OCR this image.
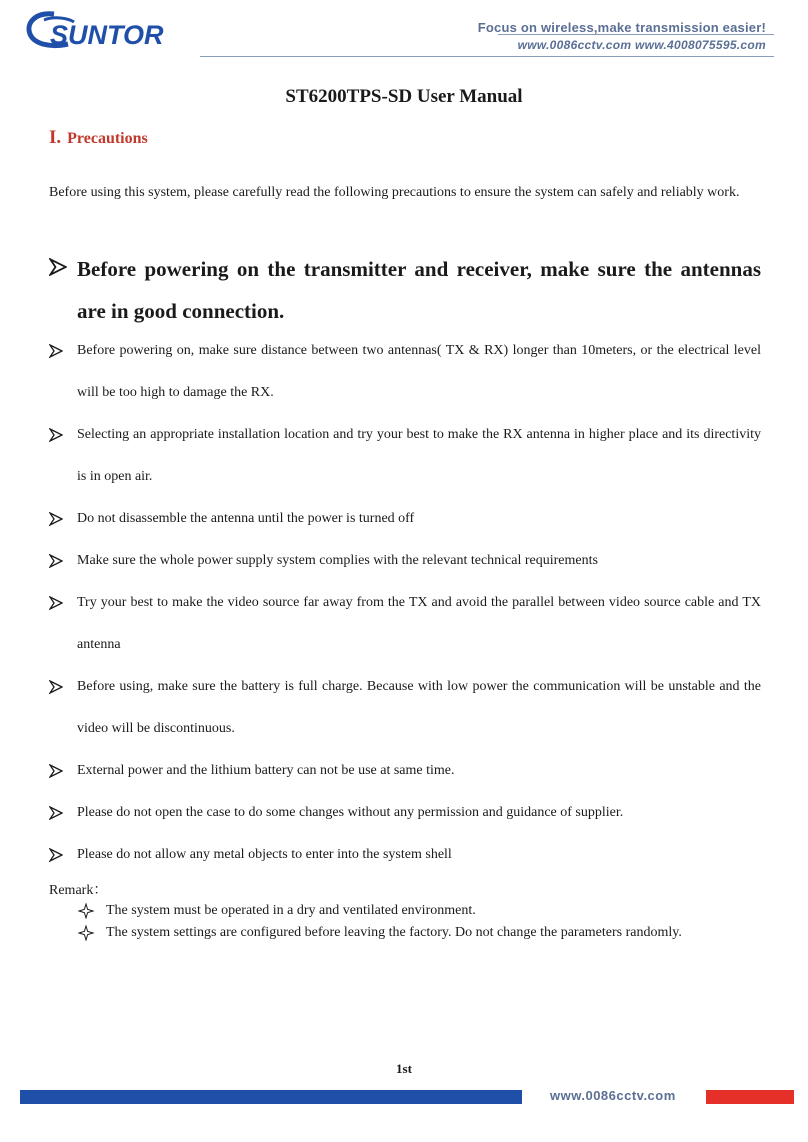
SUNTOR	Focus on wireless,make transmission easier!
www.0086cctv.com www.4008075595.com
ST6200TPS-SD User Manual
I. Precautions
Before using this system, please carefully read the following precautions to ensure the system can safely and reliably work.
Before powering on the transmitter and receiver, make sure the antennas are in good connection.
Before powering on, make sure distance between two antennas( TX & RX) longer than 10meters, or the electrical level will be too high to damage the RX.
Selecting an appropriate installation location and try your best to make the RX antenna in higher place and its directivity is in open air.
Do not disassemble the antenna until the power is turned off
Make sure the whole power supply system complies with the relevant technical requirements
Try your best to make the video source far away from the TX and avoid the parallel between video source cable and TX antenna
Before using, make sure the battery is full charge. Because with low power the communication will be unstable and the video will be discontinuous.
External power and the lithium battery can not be use at same time.
Please do not open the case to do some changes without any permission and guidance of supplier.
Please do not allow any metal objects to enter into the system shell
Remark：
The system must be operated in a dry and ventilated environment.
The system settings are configured before leaving the factory. Do not change the parameters randomly.
1st
www.0086cctv.com
